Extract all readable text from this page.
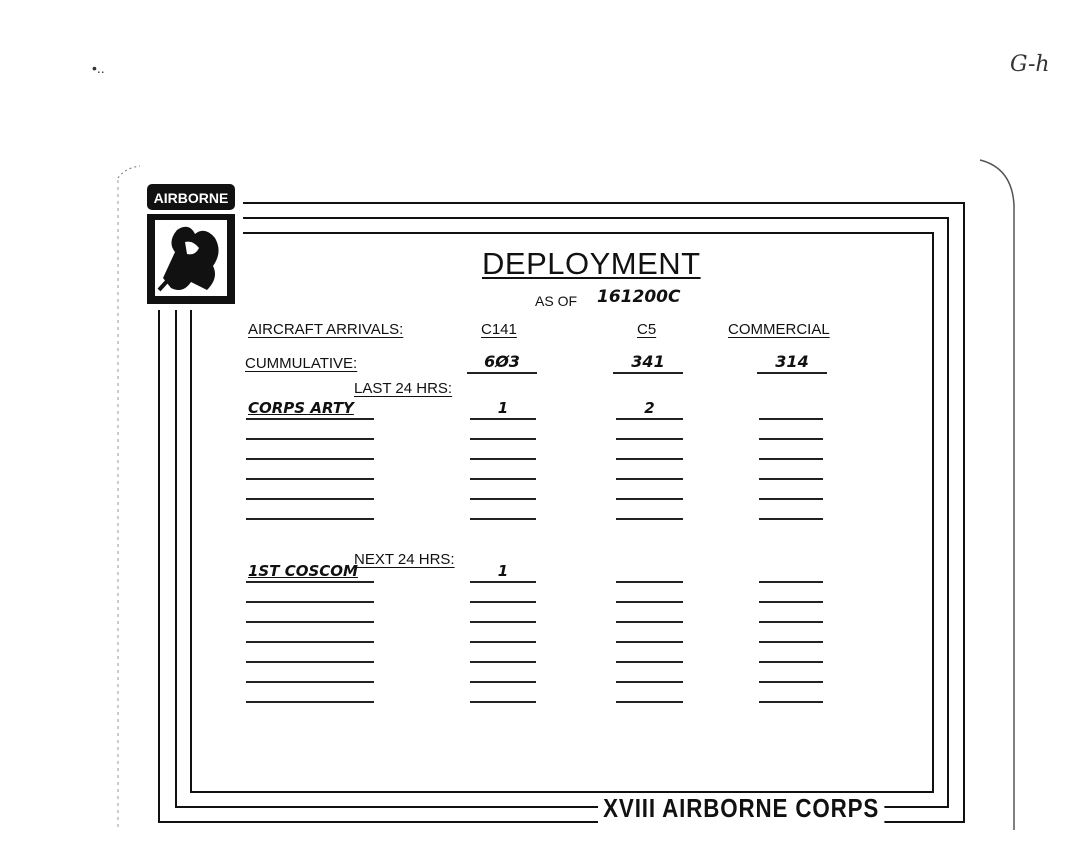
•..	G-h
AIRBORNE
DEPLOYMENT
AS OF 161200C
AIRCRAFT ARRIVALS:	C141	C5	COMMERCIAL
CUMMULATIVE:	6Ø3	341	314
LAST 24 HRS:
NEXT 24 HRS:
CORPS ARTY	1	2
1ST COSCOM	1
XVIII AIRBORNE CORPS
